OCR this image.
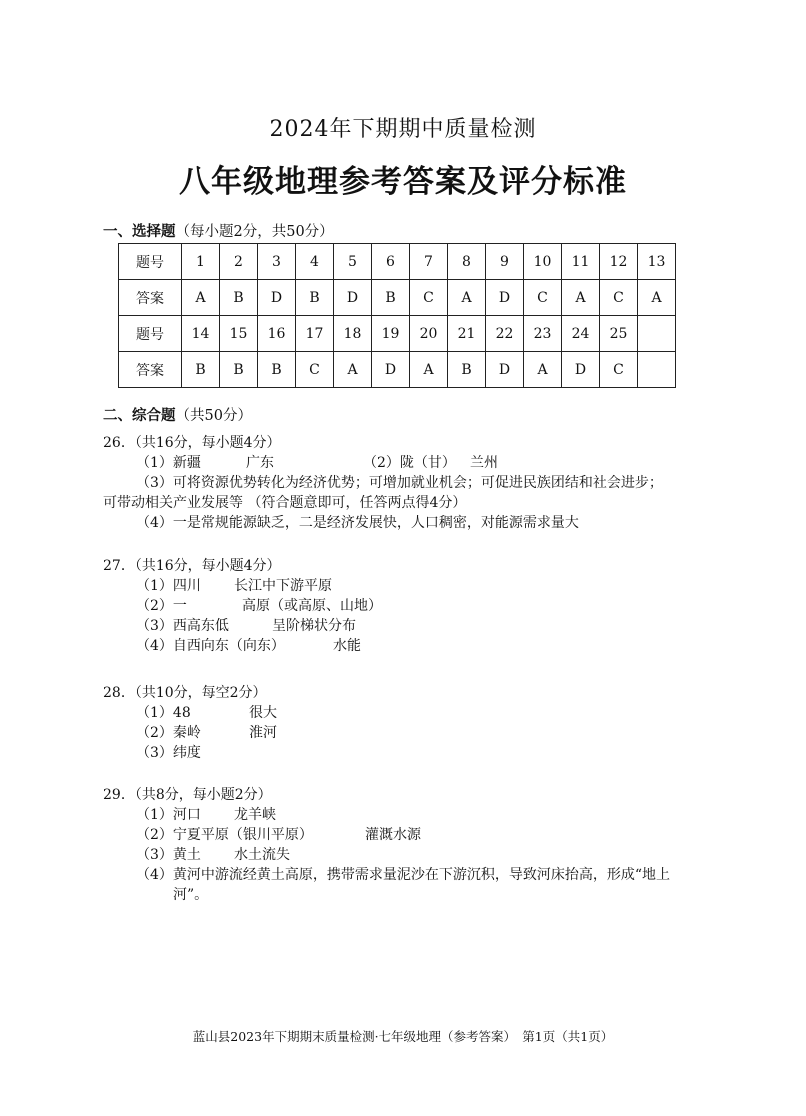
2024年下期期中质量检测
八年级地理参考答案及评分标准
一、选择题（每小题2分，共50分）
题号	1	2	3	4	5	6	7	8	9	10	11	12	13
答案	A	B	D	B	D	B	C	A	D	C	A	C	A
题号	14	15	16	17	18	19	20	21	22	23	24	25	
答案	B	B	B	C	A	D	A	B	D	A	D	C	
二、综合题（共50分）
26．（共16分，每小题4分）
（1）新疆	广东	（2）陇（甘） 兰州
（3）可将资源优势转化为经济优势；可增加就业机会；可促进民族团结和社会进步；
可带动相关产业发展等 （符合题意即可，任答两点得4分）
（4）一是常规能源缺乏，二是经济发展快，人口稠密，对能源需求量大
27．（共16分，每小题4分）
（1）四川 长江中下游平原
（2）一	高原（或高原、山地）
（3）西高东低	呈阶梯状分布
（4）自西向东（向东）	水能
28．（共10分，每空2分）
（1）48	很大
（2）秦岭	淮河
（3）纬度
29．（共8分，每小题2分）
（1）河口 龙羊峡
（2）宁夏平原（银川平原）	灌溉水源
（3）黄土 水土流失
（4）黄河中游流经黄土高原，携带需求量泥沙在下游沉积，导致河床抬高，形成“地上
河”。
蓝山县2023年下期期末质量检测·七年级地理（参考答案）　第1页（共1页）
